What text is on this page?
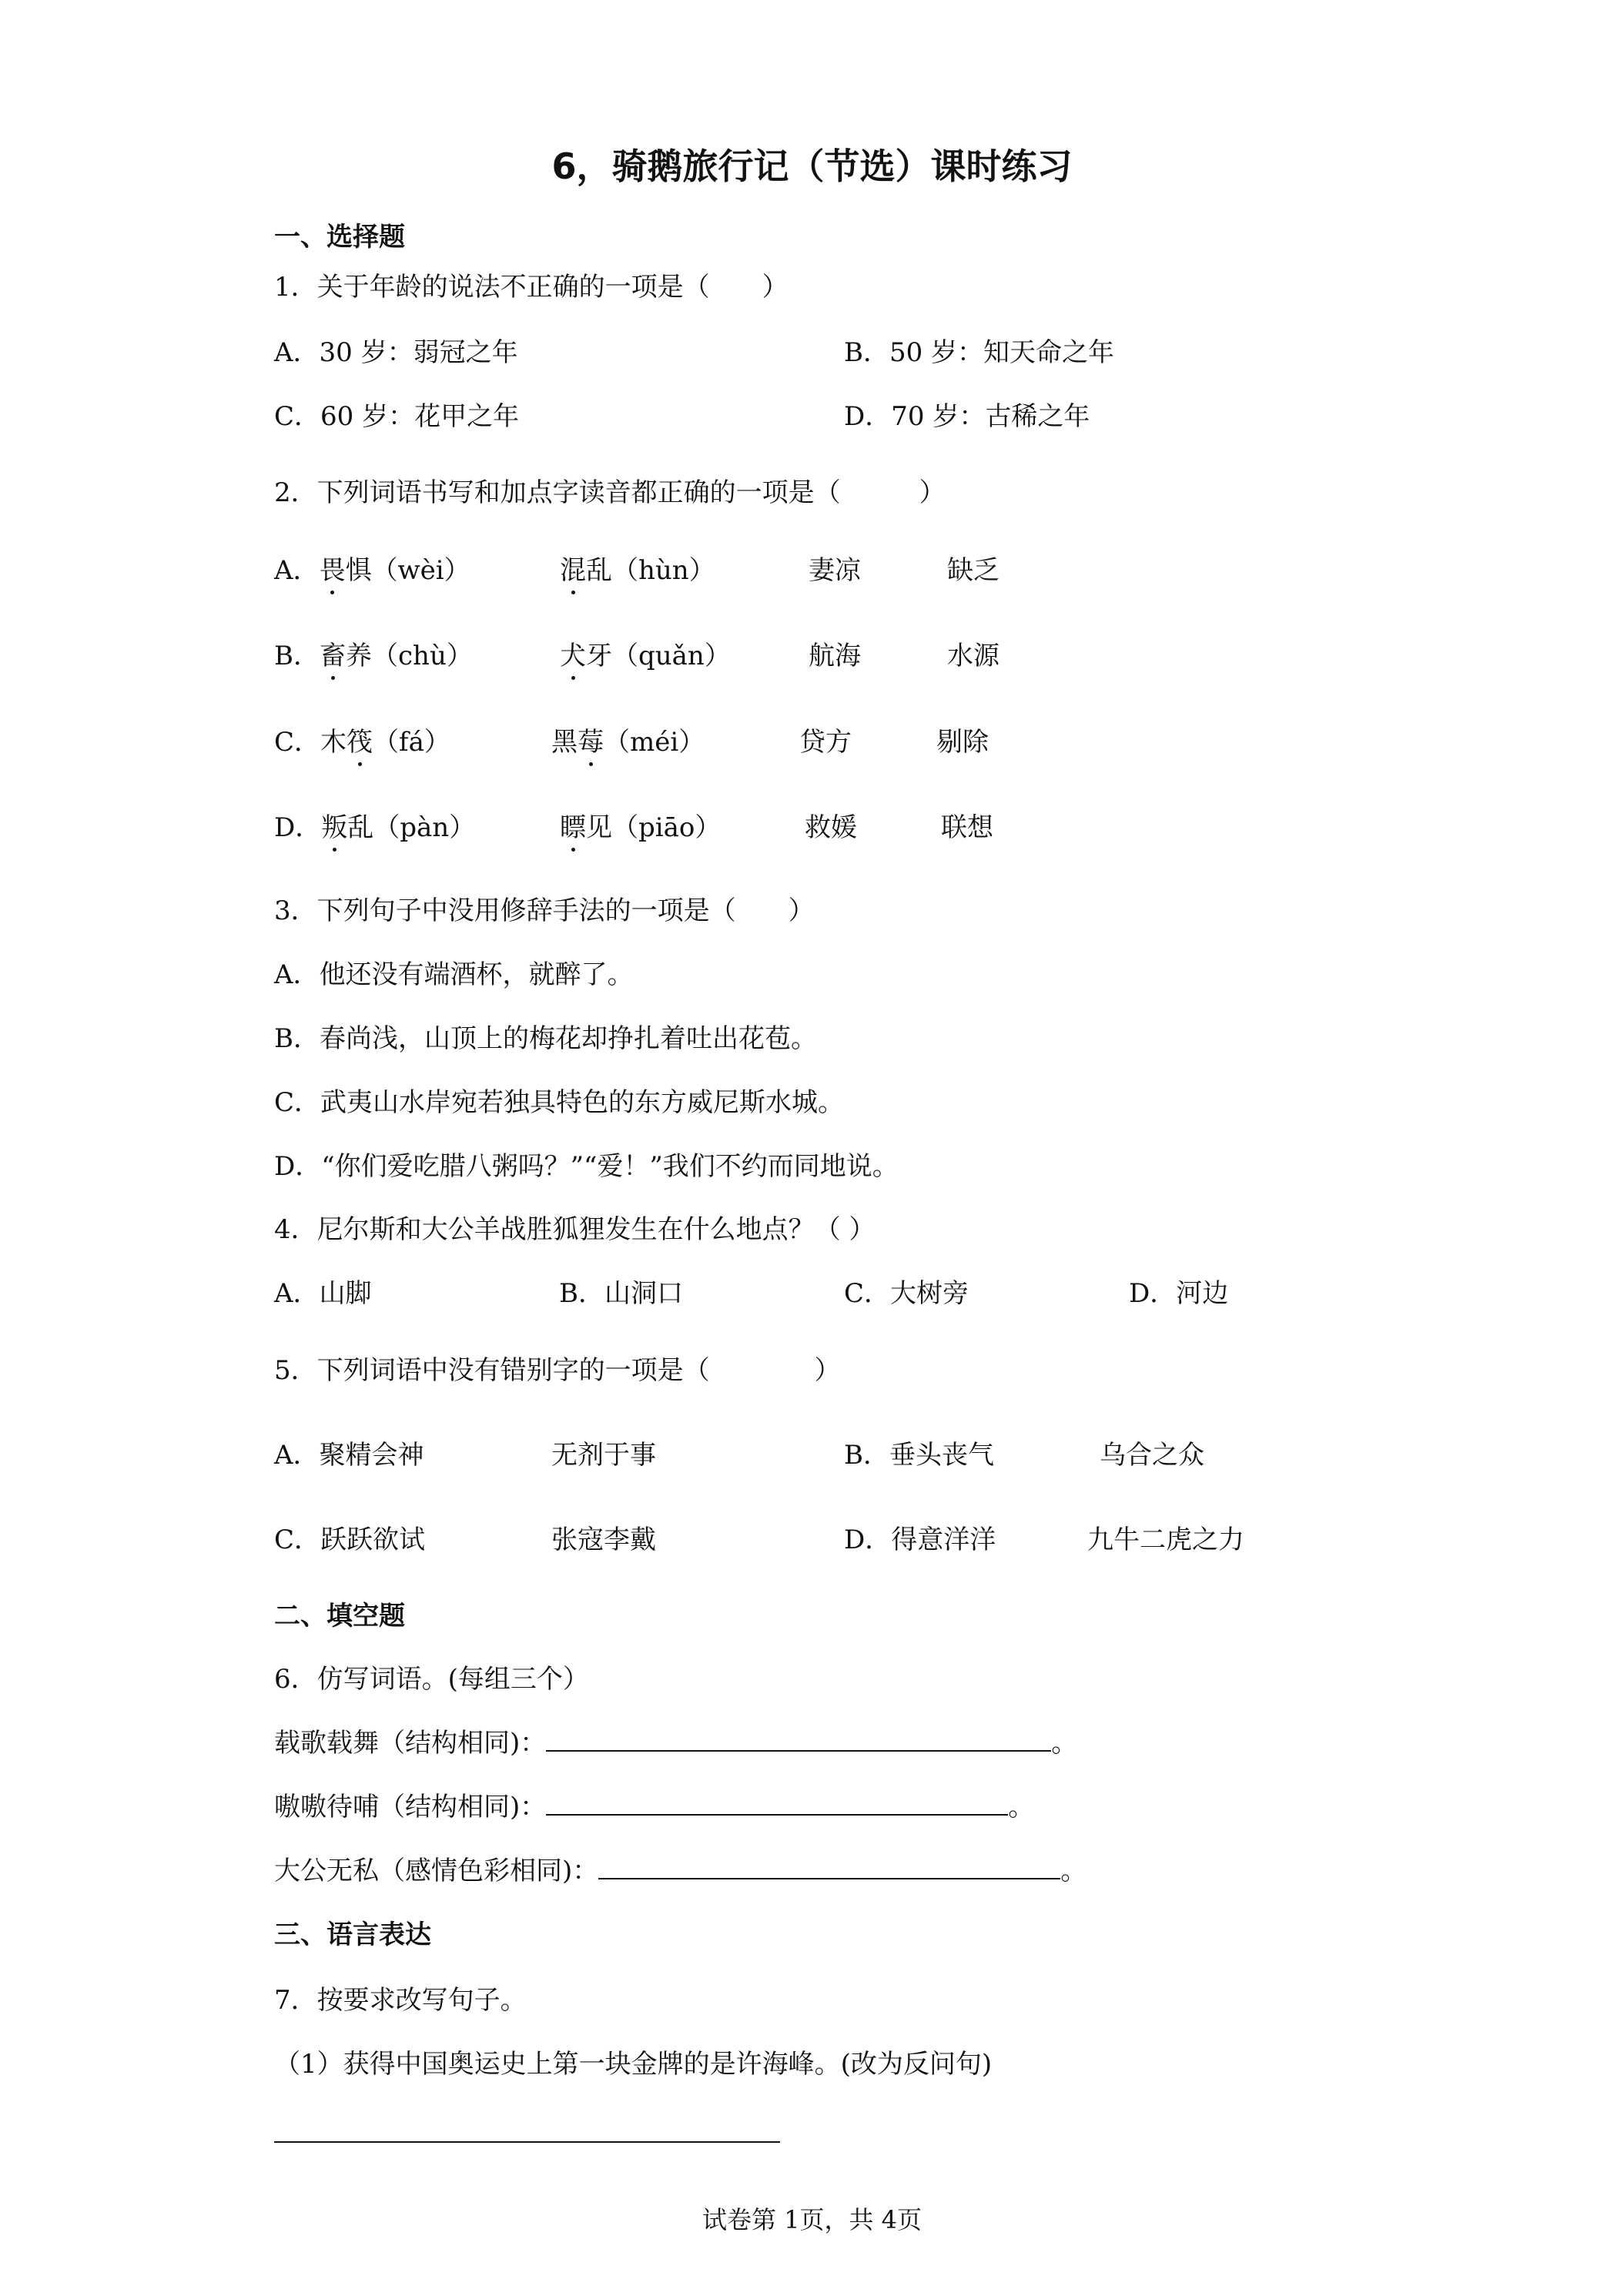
6，骑鹅旅行记（节选）课时练习
一、选择题
1．关于年龄的说法不正确的一项是（　　）
A．30 岁：弱冠之年	B．50 岁：知天命之年
C．60 岁：花甲之年	D．70 岁：古稀之年
2．下列词语书写和加点字读音都正确的一项是（　　　）
A．畏惧（wèi）	混乱（hùn）	妻凉	缺乏
B．畜养（chù）	犬牙（quǎn）	航海	水源
C．木筏（fá）	黑莓（méi）	贷方	剔除
D．叛乱（pàn）	瞟见（piāo）	救媛	联想
3．下列句子中没用修辞手法的一项是（　　）
A．他还没有端酒杯，就醉了。
B．春尚浅，山顶上的梅花却挣扎着吐出花苞。
C．武夷山水岸宛若独具特色的东方威尼斯水城。
D．“你们爱吃腊八粥吗？”“爱！”我们不约而同地说。
4．尼尔斯和大公羊战胜狐狸发生在什么地点？（ ）
A．山脚	B．山洞口	C．大树旁	D．河边
5．下列词语中没有错别字的一项是（　　　　）
A．聚精会神	无剂于事	B．垂头丧气	乌合之众
C．跃跃欲试	张寇李戴	D．得意洋洋	九牛二虎之力
二、填空题
6．仿写词语。(每组三个）
载歌载舞（结构相同)：	。
嗷嗷待哺（结构相同)：	。
大公无私（感情色彩相同)：	。
三、语言表达
7．按要求改写句子。
（1）获得中国奥运史上第一块金牌的是许海峰。(改为反问句)
试卷第 1页，共 4页
